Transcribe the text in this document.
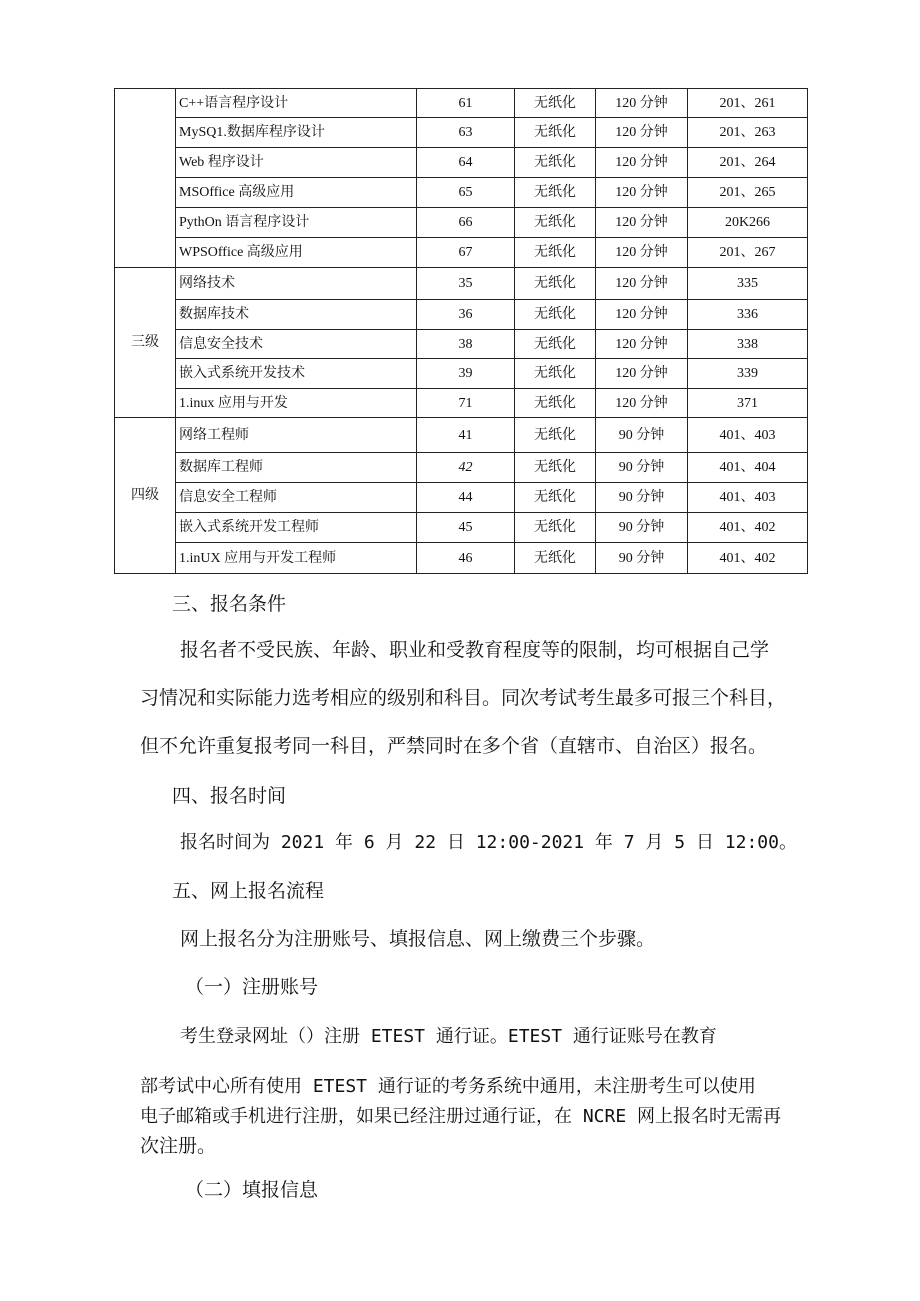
	C++语言程序设计	61	无纸化	120 分钟	201、261
	MySQ1.数据库程序设计	63	无纸化	120 分钟	201、263
	Web 程序设计	64	无纸化	120 分钟	201、264
	MSOffice 高级应用	65	无纸化	120 分钟	201、265
	PythOn 语言程序设计	66	无纸化	120 分钟	20K266
	WPSOffice 高级应用	67	无纸化	120 分钟	201、267
三级	网络技术	35	无纸化	120 分钟	335
	数据库技术	36	无纸化	120 分钟	336
	信息安全技术	38	无纸化	120 分钟	338
	嵌入式系统开发技术	39	无纸化	120 分钟	339
	1.inux 应用与开发	71	无纸化	120 分钟	371
四级	网络工程师	41	无纸化	90 分钟	401、403
	数据库工程师	42	无纸化	90 分钟	401、404
	信息安全工程师	44	无纸化	90 分钟	401、403
	嵌入式系统开发工程师	45	无纸化	90 分钟	401、402
	1.inUX 应用与开发工程师	46	无纸化	90 分钟	401、402

三、报名条件

报名者不受民族、年龄、职业和受教育程度等的限制，均可根据自己学

习情况和实际能力选考相应的级别和科目。同次考试考生最多可报三个科目，

但不允许重复报考同一科目，严禁同时在多个省（直辖市、自治区）报名。

四、报名时间

报名时间为 2021 年 6 月 22 日 12:00-2021 年 7 月 5 日 12:00。

五、网上报名流程

网上报名分为注册账号、填报信息、网上缴费三个步骤。

（一）注册账号

考生登录网址（）注册 ETEST 通行证。ETEST 通行证账号在教育

部考试中心所有使用 ETEST 通行证的考务系统中通用，未注册考生可以使用

电子邮箱或手机进行注册，如果已经注册过通行证，在 NCRE 网上报名时无需再

次注册。

（二）填报信息
